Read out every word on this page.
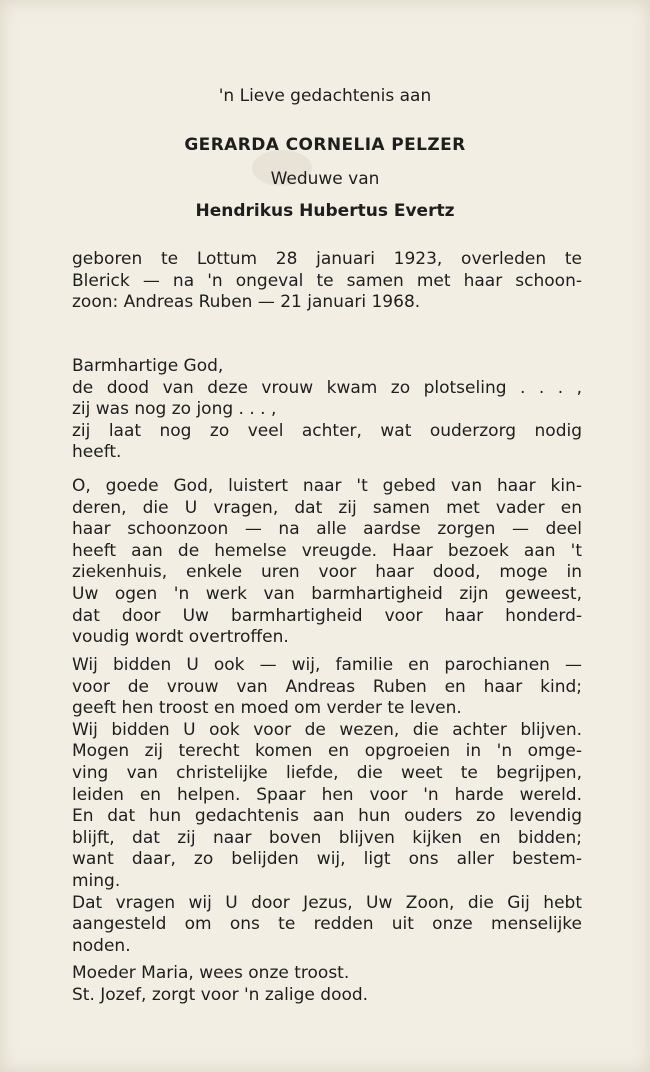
'n Lieve gedachtenis aan
GERARDA CORNELIA PELZER
Weduwe van
Hendrikus Hubertus Evertz
geboren te Lottum 28 januari 1923, overleden te
Blerick — na 'n ongeval te samen met haar schoon-
zoon: Andreas Ruben — 21 januari 1968.
Barmhartige God,
de dood van deze vrouw kwam zo plotseling . . . ,
zij was nog zo jong . . . ,
zij laat nog zo veel achter, wat ouderzorg nodig
heeft.
O, goede God, luistert naar 't gebed van haar kin-
deren, die U vragen, dat zij samen met vader en
haar schoonzoon — na alle aardse zorgen — deel
heeft aan de hemelse vreugde. Haar bezoek aan 't
ziekenhuis, enkele uren voor haar dood, moge in
Uw ogen 'n werk van barmhartigheid zijn geweest,
dat door Uw barmhartigheid voor haar honderd-
voudig wordt overtroffen.
Wij bidden U ook — wij, familie en parochianen —
voor de vrouw van Andreas Ruben en haar kind;
geeft hen troost en moed om verder te leven.
Wij bidden U ook voor de wezen, die achter blijven.
Mogen zij terecht komen en opgroeien in 'n omge-
ving van christelijke liefde, die weet te begrijpen,
leiden en helpen. Spaar hen voor 'n harde wereld.
En dat hun gedachtenis aan hun ouders zo levendig
blijft, dat zij naar boven blijven kijken en bidden;
want daar, zo belijden wij, ligt ons aller bestem-
ming.
Dat vragen wij U door Jezus, Uw Zoon, die Gij hebt
aangesteld om ons te redden uit onze menselijke
noden.
Moeder Maria, wees onze troost.
St. Jozef, zorgt voor 'n zalige dood.
